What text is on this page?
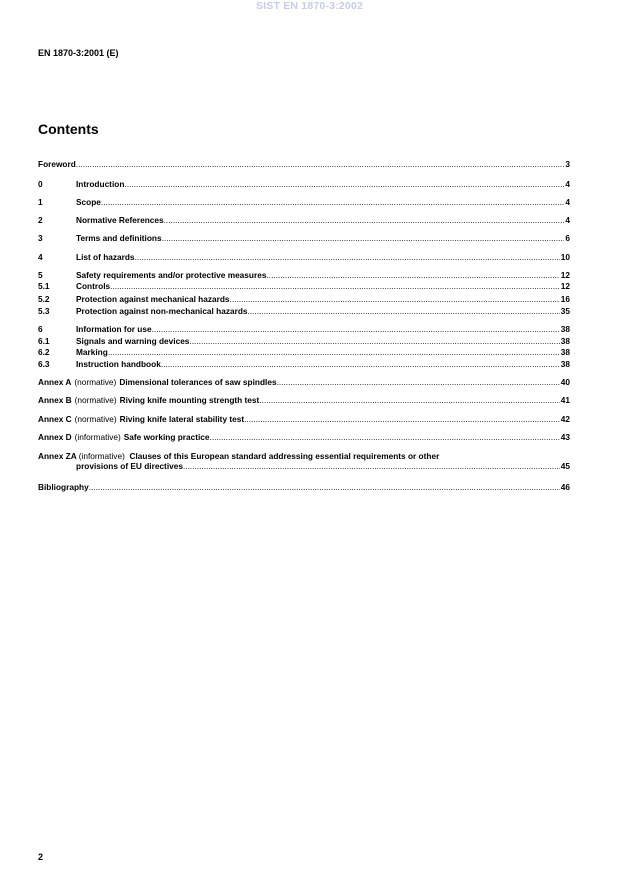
SIST EN 1870-3:2002
EN 1870-3:2001 (E)
Contents
Foreword .....	3
0	Introduction .....	4
1	Scope .....	4
2	Normative References .....	4
3	Terms and definitions .....	6
4	List of hazards .....	10
5	Safety requirements and/or protective measures .....	12
5.1	Controls .....	12
5.2	Protection against mechanical hazards .....	16
5.3	Protection against non-mechanical hazards .....	35
6	Information for use .....	38
6.1	Signals and warning devices .....	38
6.2	Marking .....	38
6.3	Instruction handbook .....	38
Annex A (normative) Dimensional tolerances of saw spindles .....	40
Annex B (normative) Riving knife mounting strength test .....	41
Annex C (normative) Riving knife lateral stability test .....	42
Annex D (informative) Safe working practice .....	43
Annex ZA (informative) Clauses of this European standard addressing essential requirements or other
provisions of EU directives .....	45
Bibliography .....	46
2
